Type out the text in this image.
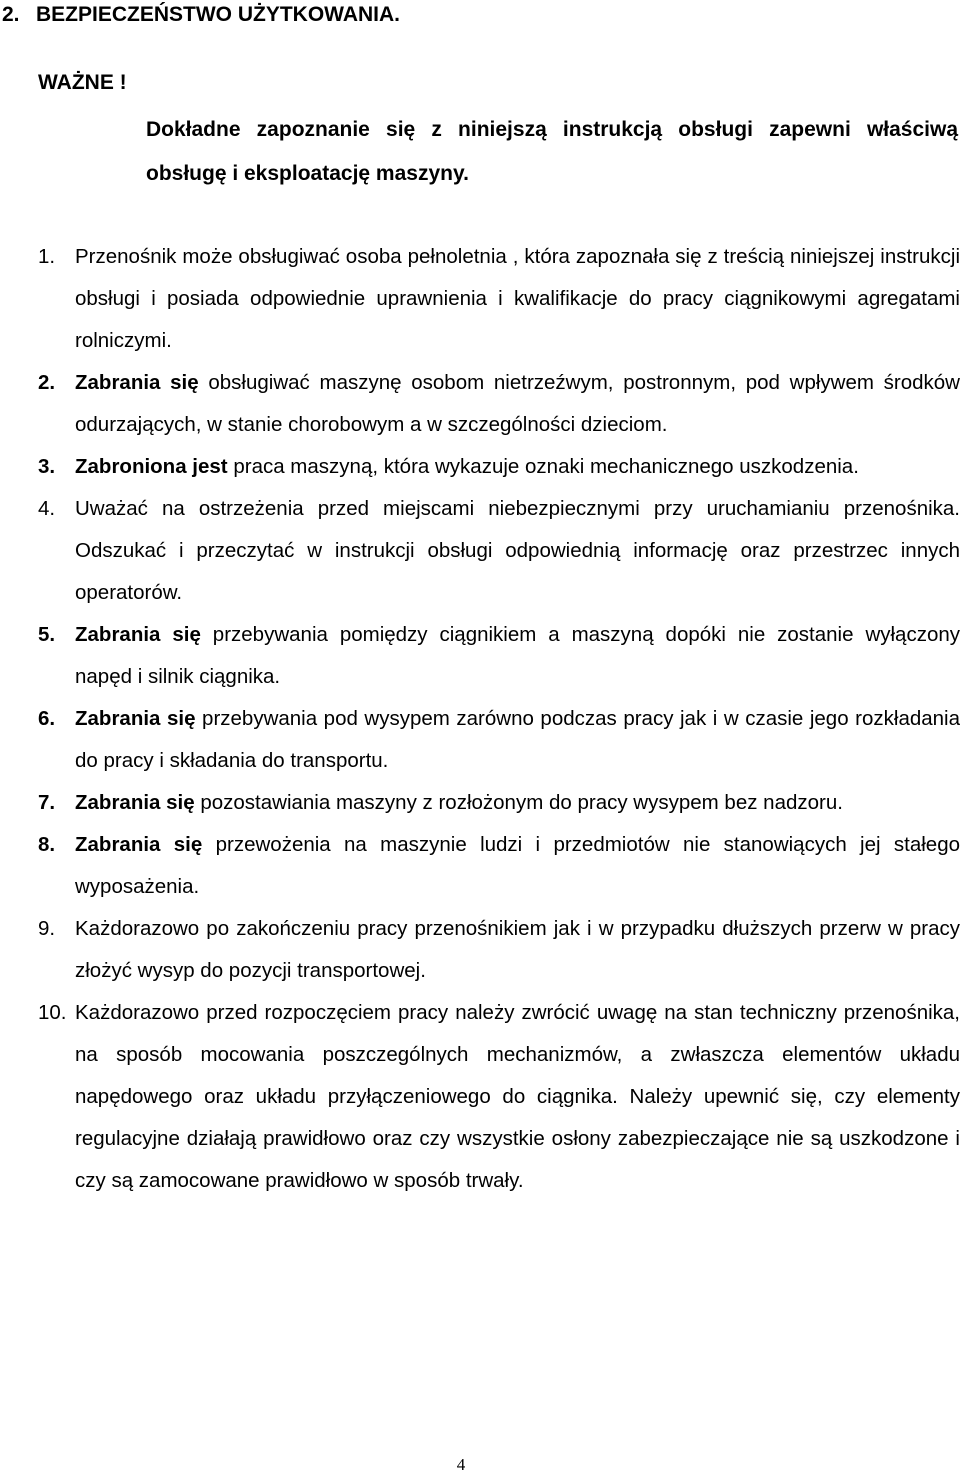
2. BEZPIECZEŃSTWO UŻYTKOWANIA.
WAŻNE !
Dokładne zapoznanie się z niniejszą instrukcją obsługi zapewni właściwą obsługę i eksploatację maszyny.
1. Przenośnik może obsługiwać osoba pełnoletnia , która zapoznała się z treścią niniejszej instrukcji obsługi i posiada odpowiednie uprawnienia i kwalifikacje do pracy ciągnikowymi agregatami rolniczymi.
2. Zabrania się obsługiwać maszynę osobom nietrzeźwym, postronnym, pod wpływem środków odurzających, w stanie chorobowym a w szczególności dzieciom.
3. Zabroniona jest praca maszyną, która wykazuje oznaki mechanicznego uszkodzenia.
4. Uważać na ostrzeżenia przed miejscami niebezpiecznymi przy uruchamianiu przenośnika. Odszukać i przeczytać w instrukcji obsługi odpowiednią informację oraz przestrzec innych operatorów.
5. Zabrania się przebywania pomiędzy ciągnikiem a maszyną dopóki nie zostanie wyłączony napęd i silnik ciągnika.
6. Zabrania się przebywania pod wysypem zarówno podczas pracy jak i w czasie jego rozkładania do pracy i składania do transportu.
7. Zabrania się pozostawiania maszyny z rozłożonym do pracy wysypem bez nadzoru.
8. Zabrania się przewożenia na maszynie ludzi i przedmiotów nie stanowiących jej stałego wyposażenia.
9. Każdorazowo po zakończeniu pracy przenośnikiem jak i w przypadku dłuższych przerw w pracy złożyć wysyp do pozycji transportowej.
10. Każdorazowo przed rozpoczęciem pracy należy zwrócić uwagę na stan techniczny przenośnika, na sposób mocowania poszczególnych mechanizmów, a zwłaszcza elementów układu napędowego oraz układu przyłączeniowego do ciągnika. Należy upewnić się, czy elementy regulacyjne działają prawidłowo oraz czy wszystkie osłony zabezpieczające nie są uszkodzone i czy są zamocowane prawidłowo w sposób trwały.
4
